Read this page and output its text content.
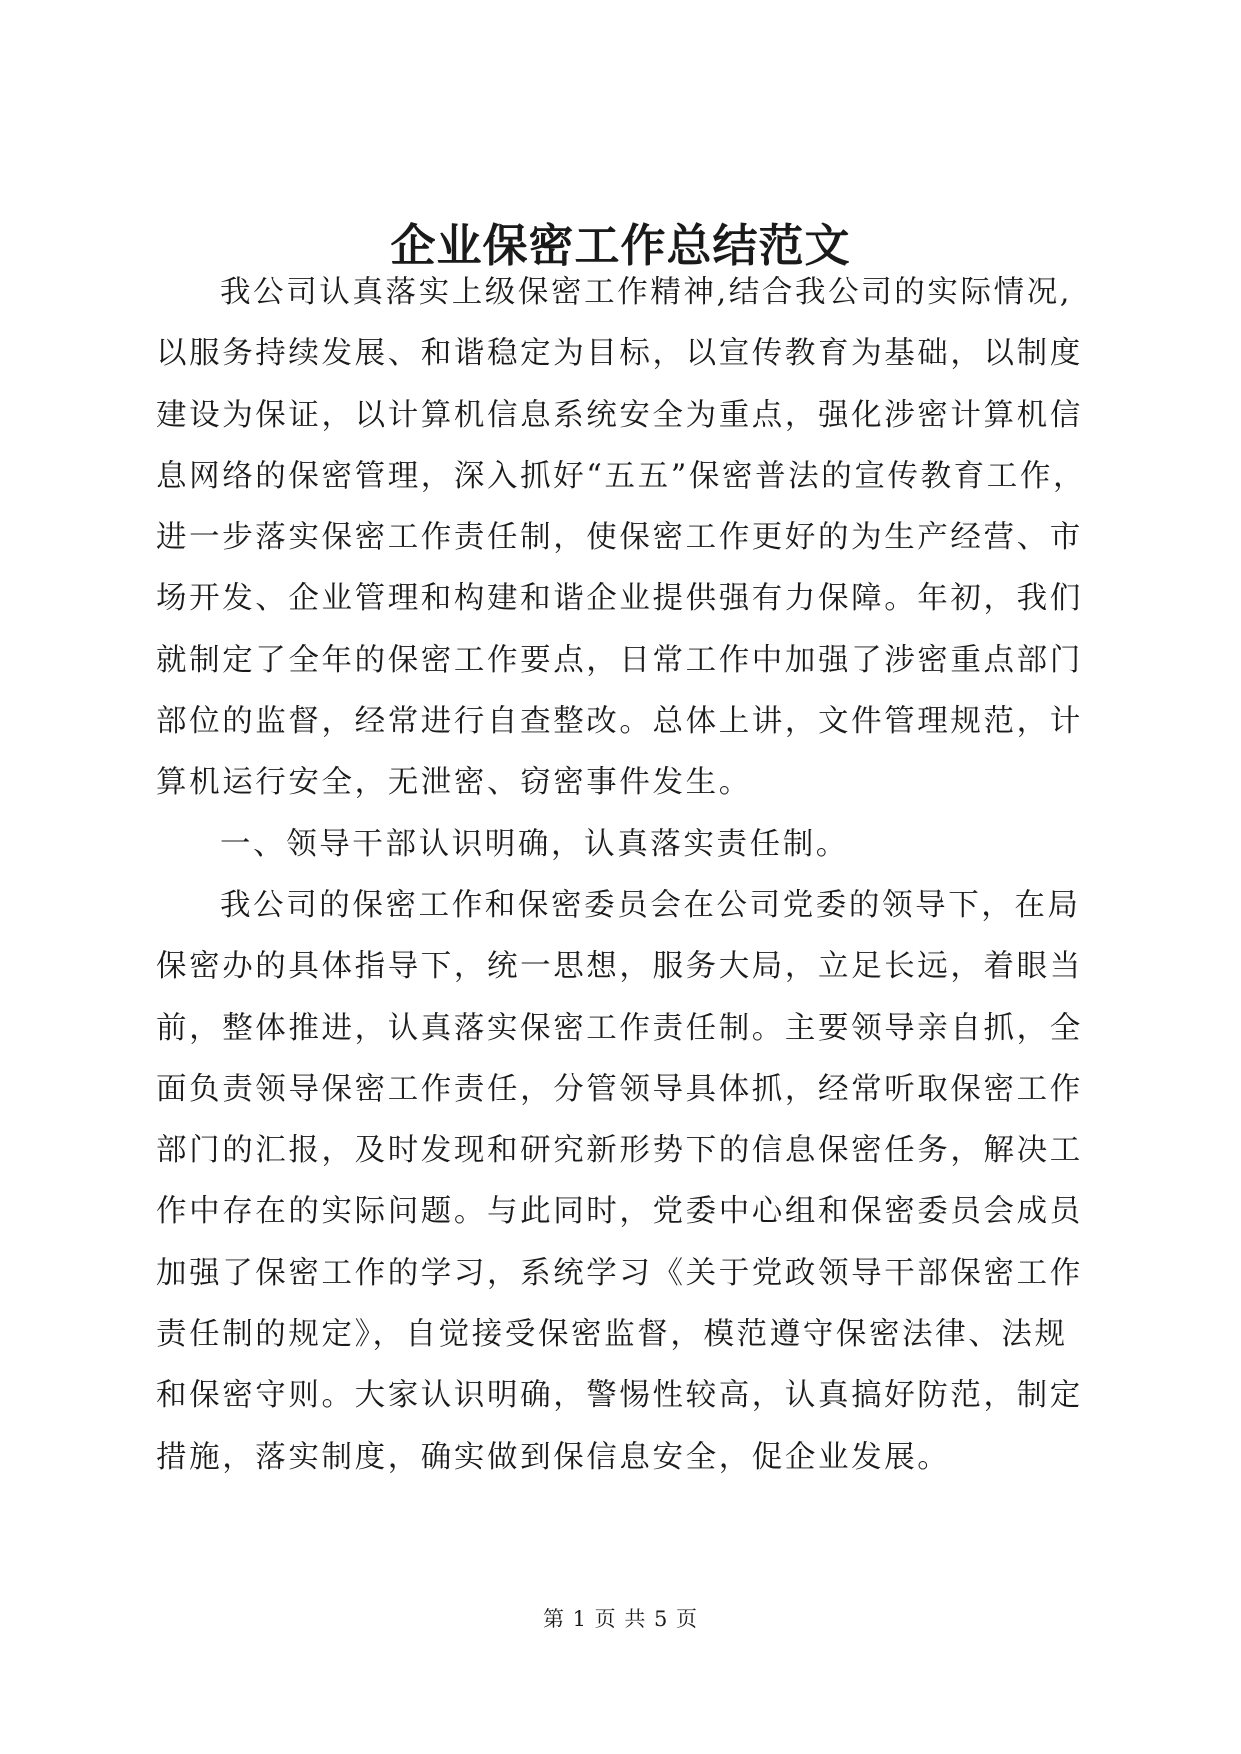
企业保密工作总结范文
我公司认真落实上级保密工作精神,结合我公司的实际情况,
以服务持续发展、和谐稳定为目标，以宣传教育为基础，以制度
建设为保证，以计算机信息系统安全为重点，强化涉密计算机信
息网络的保密管理，深入抓好“五五”保密普法的宣传教育工作，
进一步落实保密工作责任制，使保密工作更好的为生产经营、市
场开发、企业管理和构建和谐企业提供强有力保障。年初，我们
就制定了全年的保密工作要点，日常工作中加强了涉密重点部门
部位的监督，经常进行自查整改。总体上讲，文件管理规范，计
算机运行安全，无泄密、窃密事件发生。
一、领导干部认识明确，认真落实责任制。
我公司的保密工作和保密委员会在公司党委的领导下，在局
保密办的具体指导下，统一思想，服务大局，立足长远，着眼当
前，整体推进，认真落实保密工作责任制。主要领导亲自抓，全
面负责领导保密工作责任，分管领导具体抓，经常听取保密工作
部门的汇报，及时发现和研究新形势下的信息保密任务，解决工
作中存在的实际问题。与此同时，党委中心组和保密委员会成员
加强了保密工作的学习，系统学习《关于党政领导干部保密工作
责任制的规定》，自觉接受保密监督，模范遵守保密法律、法规
和保密守则。大家认识明确，警惕性较高，认真搞好防范，制定
措施，落实制度，确实做到保信息安全，促企业发展。
第 1 页 共 5 页
